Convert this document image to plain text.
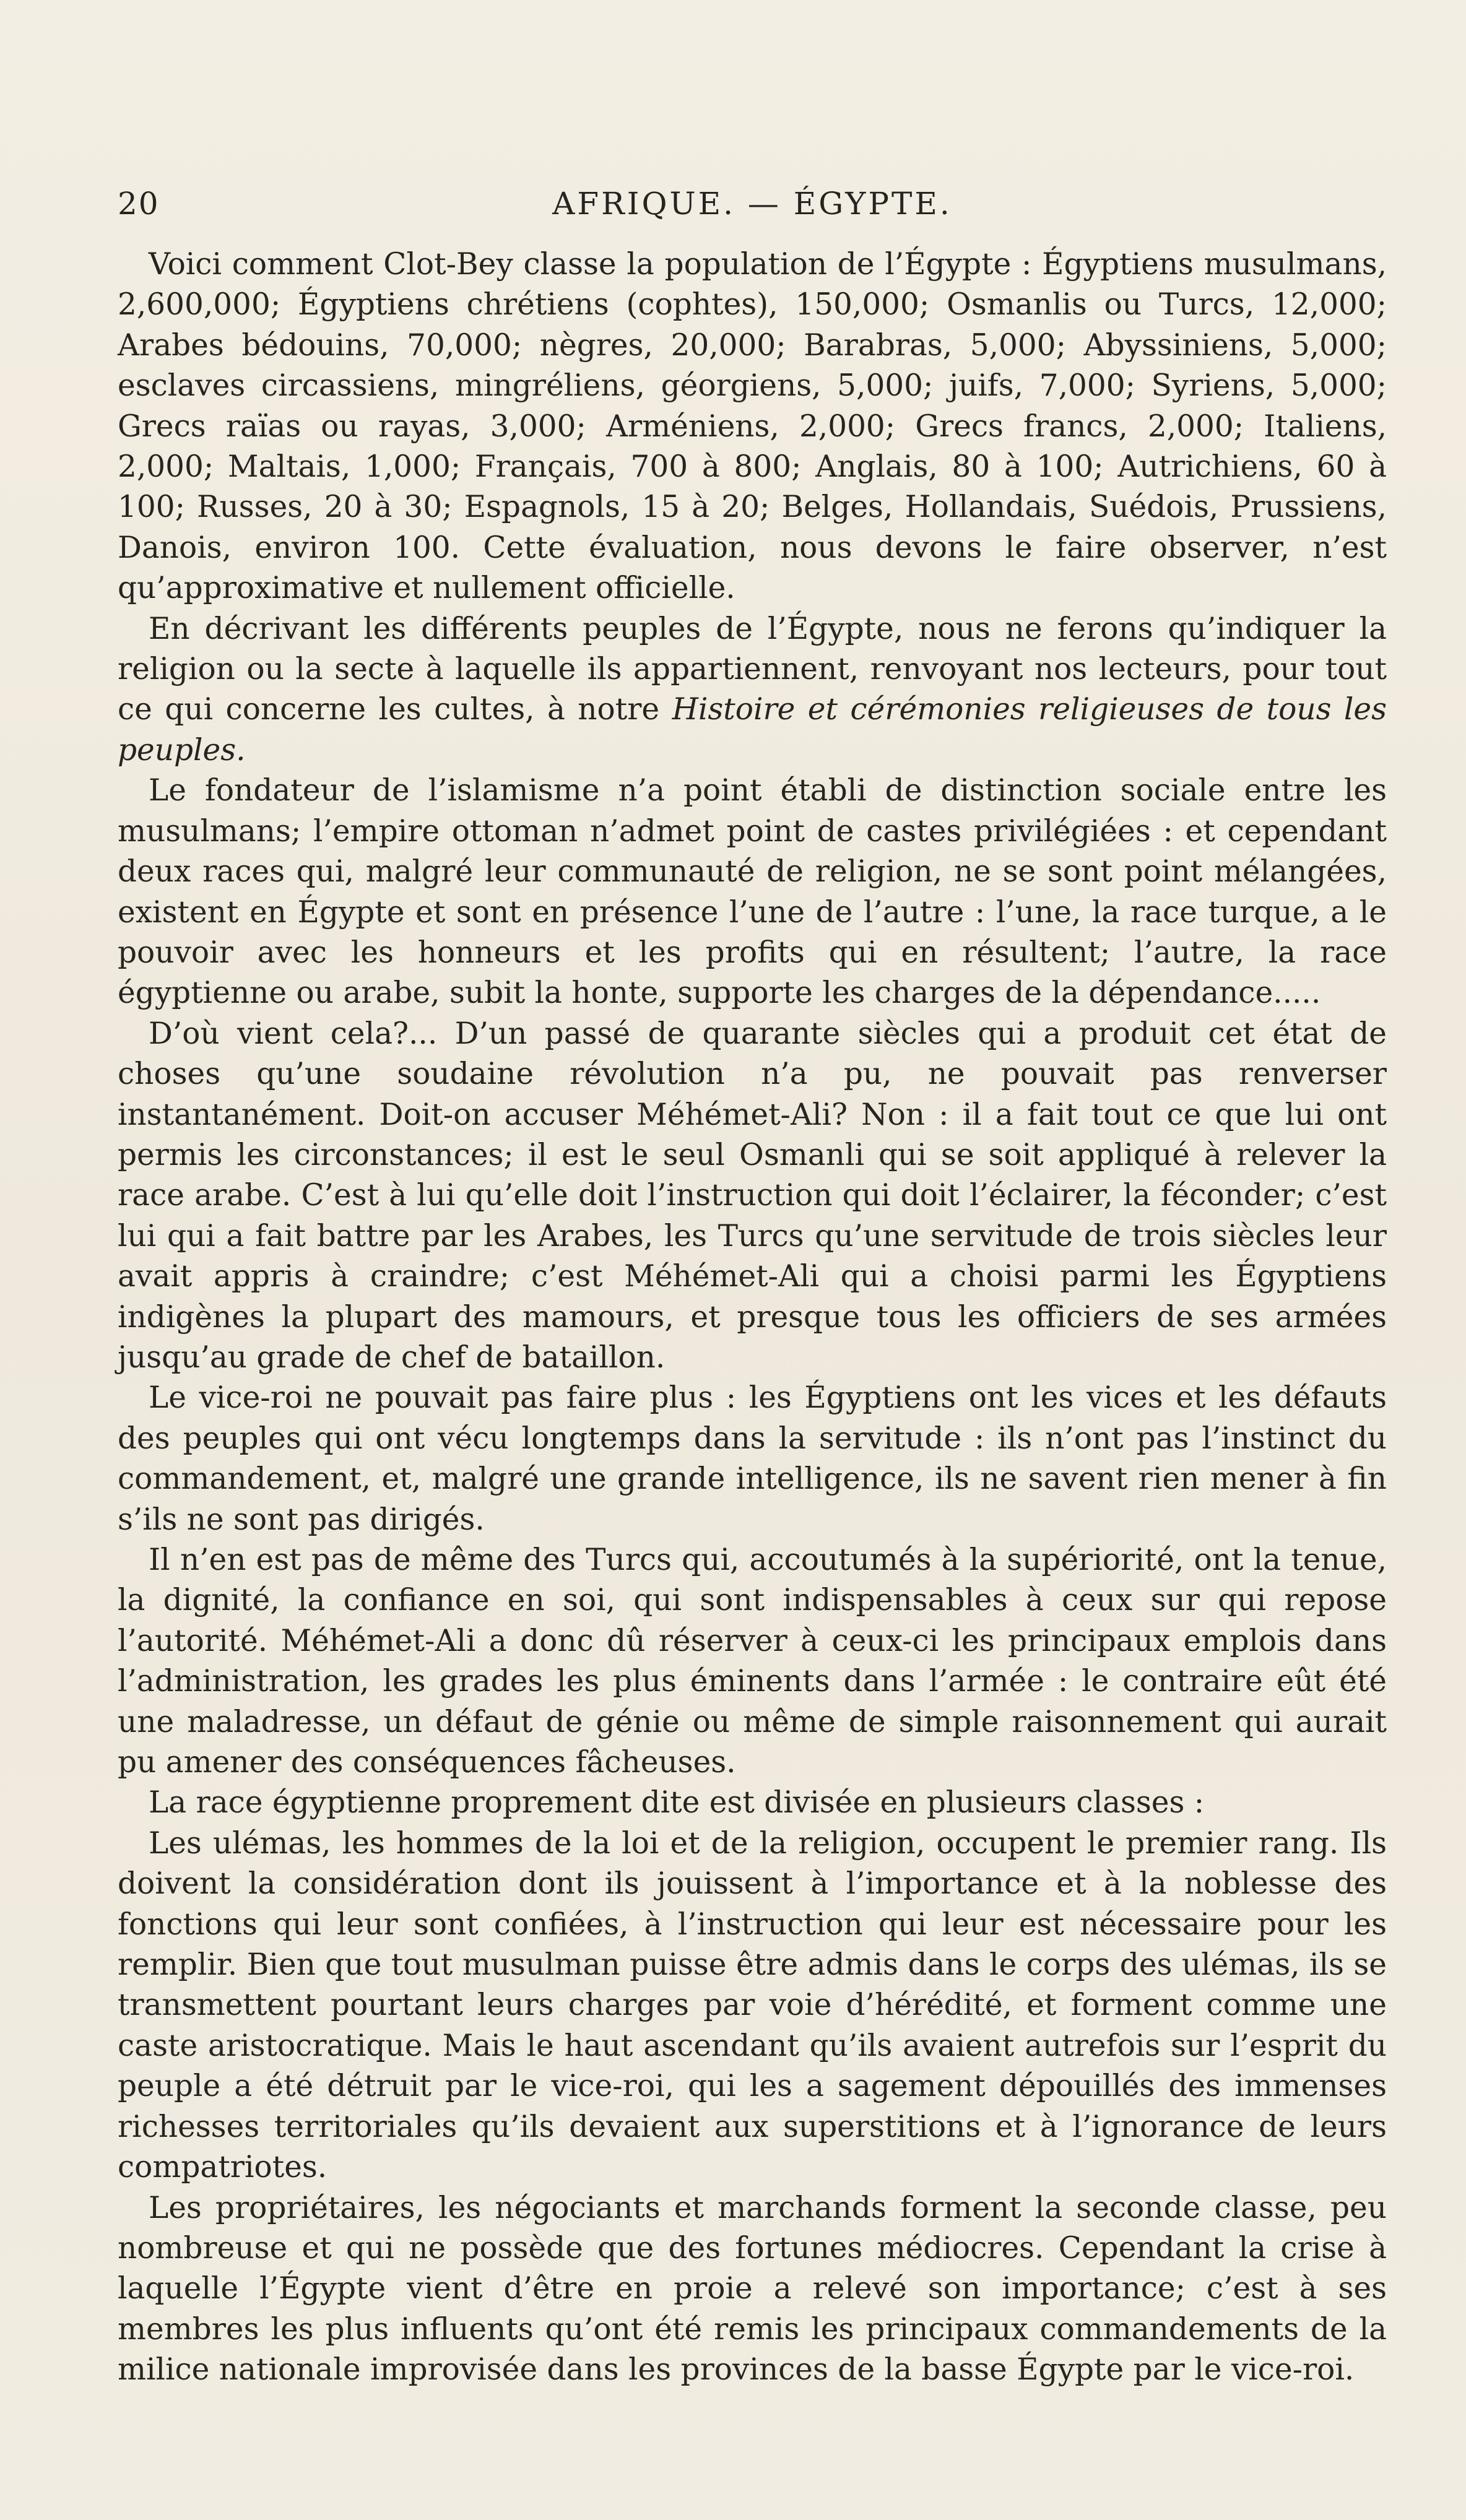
20	AFRIQUE. — ÉGYPTE.

Voici comment Clot-Bey classe la population de l’Égypte : Égyptiens musulmans, 2,600,000; Égyptiens chrétiens (cophtes), 150,000; Osmanlis ou Turcs, 12,000; Arabes bédouins, 70,000; nègres, 20,000; Barabras, 5,000; Abyssiniens, 5,000; esclaves circassiens, mingréliens, géorgiens, 5,000; juifs, 7,000; Syriens, 5,000; Grecs raïas ou rayas, 3,000; Arméniens, 2,000; Grecs francs, 2,000; Italiens, 2,000; Maltais, 1,000; Français, 700 à 800; Anglais, 80 à 100; Autrichiens, 60 à 100; Russes, 20 à 30; Espagnols, 15 à 20; Belges, Hollandais, Suédois, Prussiens, Danois, environ 100. Cette évaluation, nous devons le faire observer, n’est qu’approximative et nullement officielle.

En décrivant les différents peuples de l’Égypte, nous ne ferons qu’indiquer la religion ou la secte à laquelle ils appartiennent, renvoyant nos lecteurs, pour tout ce qui concerne les cultes, à notre Histoire et cérémonies religieuses de tous les peuples.

Le fondateur de l’islamisme n’a point établi de distinction sociale entre les musulmans; l’empire ottoman n’admet point de castes privilégiées : et cependant deux races qui, malgré leur communauté de religion, ne se sont point mélangées, existent en Égypte et sont en présence l’une de l’autre : l’une, la race turque, a le pouvoir avec les honneurs et les profits qui en résultent; l’autre, la race égyptienne ou arabe, subit la honte, supporte les charges de la dépendance.....

D’où vient cela?... D’un passé de quarante siècles qui a produit cet état de choses qu’une soudaine révolution n’a pu, ne pouvait pas renverser instantanément. Doit-on accuser Méhémet-Ali? Non : il a fait tout ce que lui ont permis les circonstances; il est le seul Osmanli qui se soit appliqué à relever la race arabe. C’est à lui qu’elle doit l’instruction qui doit l’éclairer, la féconder; c’est lui qui a fait battre par les Arabes, les Turcs qu’une servitude de trois siècles leur avait appris à craindre; c’est Méhémet-Ali qui a choisi parmi les Égyptiens indigènes la plupart des mamours, et presque tous les officiers de ses armées jusqu’au grade de chef de bataillon.

Le vice-roi ne pouvait pas faire plus : les Égyptiens ont les vices et les défauts des peuples qui ont vécu longtemps dans la servitude : ils n’ont pas l’instinct du commandement, et, malgré une grande intelligence, ils ne savent rien mener à fin s’ils ne sont pas dirigés.

Il n’en est pas de même des Turcs qui, accoutumés à la supériorité, ont la tenue, la dignité, la confiance en soi, qui sont indispensables à ceux sur qui repose l’autorité. Méhémet-Ali a donc dû réserver à ceux-ci les principaux emplois dans l’administration, les grades les plus éminents dans l’armée : le contraire eût été une maladresse, un défaut de génie ou même de simple raisonnement qui aurait pu amener des conséquences fâcheuses.

La race égyptienne proprement dite est divisée en plusieurs classes :

Les ulémas, les hommes de la loi et de la religion, occupent le premier rang. Ils doivent la considération dont ils jouissent à l’importance et à la noblesse des fonctions qui leur sont confiées, à l’instruction qui leur est nécessaire pour les remplir. Bien que tout musulman puisse être admis dans le corps des ulémas, ils se transmettent pourtant leurs charges par voie d’hérédité, et forment comme une caste aristocratique. Mais le haut ascendant qu’ils avaient autrefois sur l’esprit du peuple a été détruit par le vice-roi, qui les a sagement dépouillés des immenses richesses territoriales qu’ils devaient aux superstitions et à l’ignorance de leurs compatriotes.

Les propriétaires, les négociants et marchands forment la seconde classe, peu nombreuse et qui ne possède que des fortunes médiocres. Cependant la crise à laquelle l’Égypte vient d’être en proie a relevé son importance; c’est à ses membres les plus influents qu’ont été remis les principaux commandements de la milice nationale improvisée dans les provinces de la basse Égypte par le vice-roi.
